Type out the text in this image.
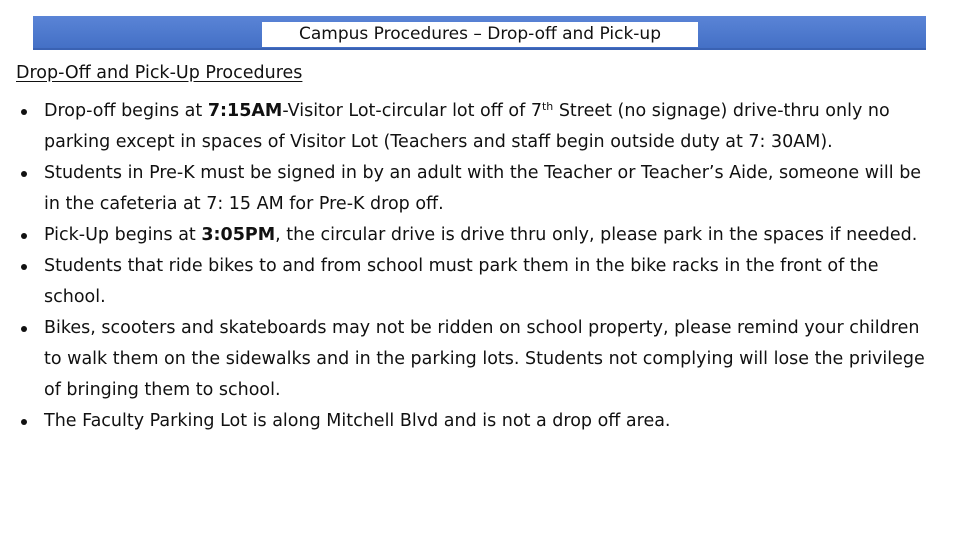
Campus Procedures – Drop-off and Pick-up
Drop-Off and Pick-Up Procedures
Drop-off begins at 7:15AM-Visitor Lot-circular lot off of 7th Street (no signage) drive-thru only no parking except in spaces of Visitor Lot (Teachers and staff begin outside duty at 7: 30AM).
Students in Pre-K must be signed in by an adult with the Teacher or Teacher’s Aide, someone will be in the cafeteria at 7: 15 AM for Pre-K drop off.
Pick-Up begins at 3:05PM, the circular drive is drive thru only, please park in the spaces if needed.
Students that ride bikes to and from school must park them in the bike racks in the front of the school.
Bikes, scooters and skateboards may not be ridden on school property, please remind your children to walk them on the sidewalks and in the parking lots. Students not complying will lose the privilege of bringing them to school.
The Faculty Parking Lot is along Mitchell Blvd and is not a drop off area.
